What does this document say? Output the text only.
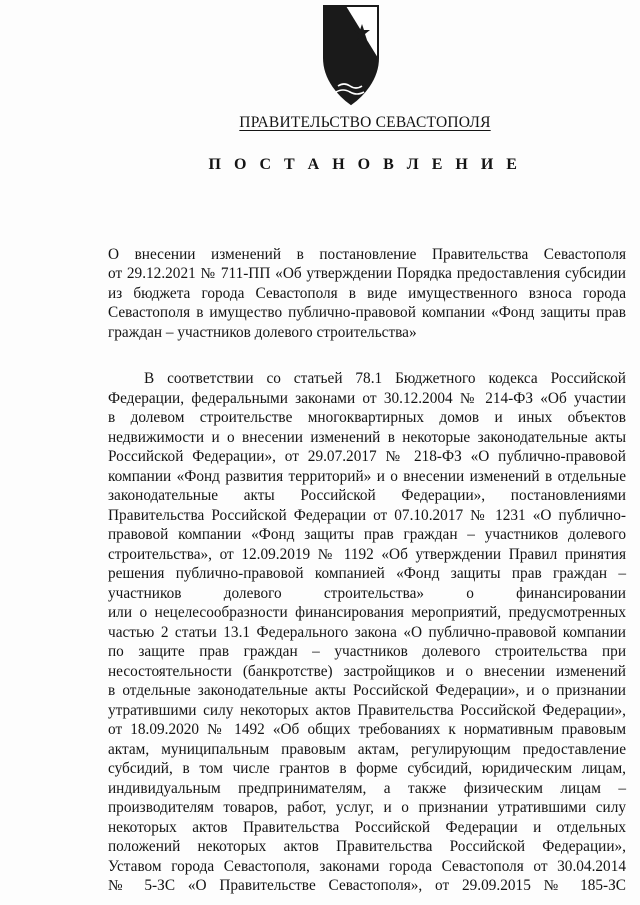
ПРАВИТЕЛЬСТВО СЕВАСТОПОЛЯ
П О С Т А Н О В Л Е Н И Е
О внесении изменений в постановление Правительства Севастополя
от 29.12.2021 № 711-ПП «Об утверждении Порядка предоставления субсидии
из бюджета города Севастополя в виде имущественного взноса города
Севастополя в имущество публично-правовой компании «Фонд защиты прав
граждан – участников долевого строительства»
В соответствии со статьей 78.1 Бюджетного кодекса Российской
Федерации, федеральными законами от 30.12.2004 № 214-ФЗ «Об участии
в долевом строительстве многоквартирных домов и иных объектов
недвижимости и о внесении изменений в некоторые законодательные акты
Российской Федерации», от 29.07.2017 № 218-ФЗ «О публично-правовой
компании «Фонд развития территорий» и о внесении изменений в отдельные
законодательные акты Российской Федерации», постановлениями
Правительства Российской Федерации от 07.10.2017 № 1231 «О публично-
правовой компании «Фонд защиты прав граждан – участников долевого
строительства», от 12.09.2019 № 1192 «Об утверждении Правил принятия
решения публично-правовой компанией «Фонд защиты прав граждан –
участников долевого строительства» о финансировании
или о нецелесообразности финансирования мероприятий, предусмотренных
частью 2 статьи 13.1 Федерального закона «О публично-правовой компании
по защите прав граждан – участников долевого строительства при
несостоятельности (банкротстве) застройщиков и о внесении изменений
в отдельные законодательные акты Российской Федерации», и о признании
утратившими силу некоторых актов Правительства Российской Федерации»,
от 18.09.2020 № 1492 «Об общих требованиях к нормативным правовым
актам, муниципальным правовым актам, регулирующим предоставление
субсидий, в том числе грантов в форме субсидий, юридическим лицам,
индивидуальным предпринимателям, а также физическим лицам –
производителям товаров, работ, услуг, и о признании утратившими силу
некоторых актов Правительства Российской Федерации и отдельных
положений некоторых актов Правительства Российской Федерации»,
Уставом города Севастополя, законами города Севастополя от 30.04.2014
№ 5-ЗС «О Правительстве Севастополя», от 29.09.2015 № 185-ЗС
